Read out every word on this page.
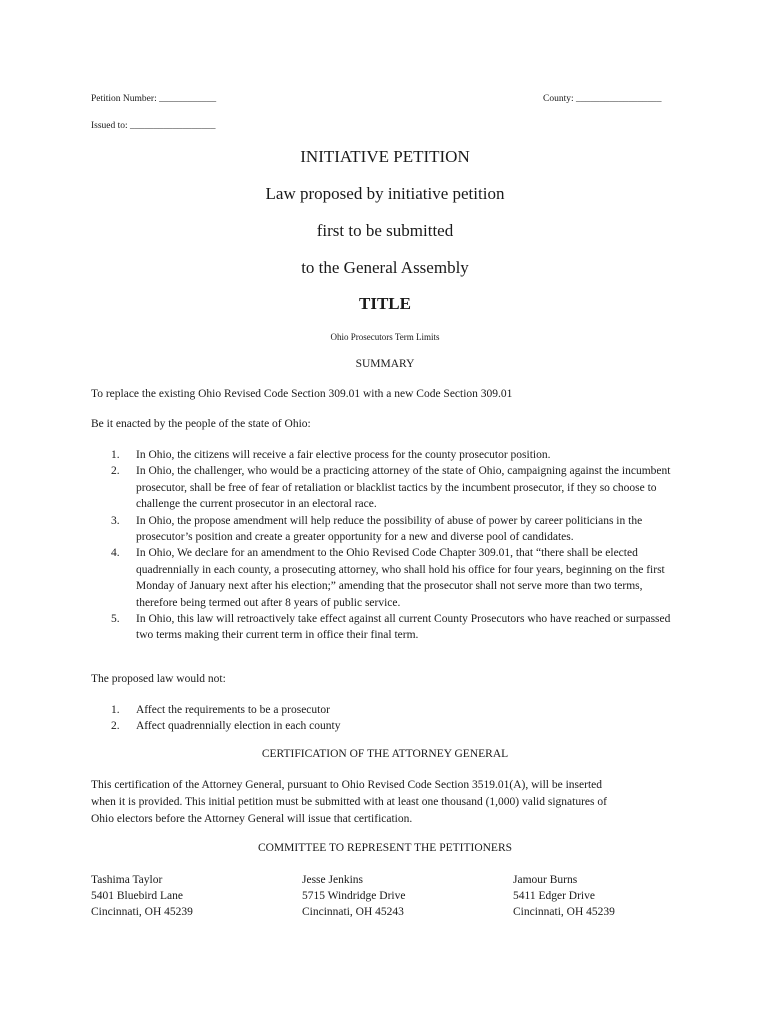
Petition Number: ____________	County: __________________
Issued to: __________________
INITIATIVE PETITION
Law proposed by initiative petition
first to be submitted
to the General Assembly
TITLE
Ohio Prosecutors Term Limits
SUMMARY
To replace the existing Ohio Revised Code Section 309.01 with a new Code Section 309.01
Be it enacted by the people of the state of Ohio:
1.	In Ohio, the citizens will receive a fair elective process for the county prosecutor position.
2.	In Ohio, the challenger, who would be a practicing attorney of the state of Ohio, campaigning against the incumbent prosecutor, shall be free of fear of retaliation or blacklist tactics by the incumbent prosecutor, if they so choose to challenge the current prosecutor in an electoral race.
3.	In Ohio, the propose amendment will help reduce the possibility of abuse of power by career politicians in the prosecutor’s position and create a greater opportunity for a new and diverse pool of candidates.
4.	In Ohio, We declare for an amendment to the Ohio Revised Code Chapter 309.01, that “there shall be elected quadrennially in each county, a prosecuting attorney, who shall hold his office for four years, beginning on the first Monday of January next after his election;” amending that the prosecutor shall not serve more than two terms, therefore being termed out after 8 years of public service.
5.	In Ohio, this law will retroactively take effect against all current County Prosecutors who have reached or surpassed two terms making their current term in office their final term.
The proposed law would not:
1.	Affect the requirements to be a prosecutor
2.	Affect quadrennially election in each county
CERTIFICATION OF THE ATTORNEY GENERAL
This certification of the Attorney General, pursuant to Ohio Revised Code Section 3519.01(A), will be inserted
when it is provided. This initial petition must be submitted with at least one thousand (1,000) valid signatures of
Ohio electors before the Attorney General will issue that certification.
COMMITTEE TO REPRESENT THE PETITIONERS
Tashima Taylor
5401 Bluebird Lane
Cincinnati, OH 45239
Jesse Jenkins
5715 Windridge Drive
Cincinnati, OH 45243
Jamour Burns
5411 Edger Drive
Cincinnati, OH 45239
